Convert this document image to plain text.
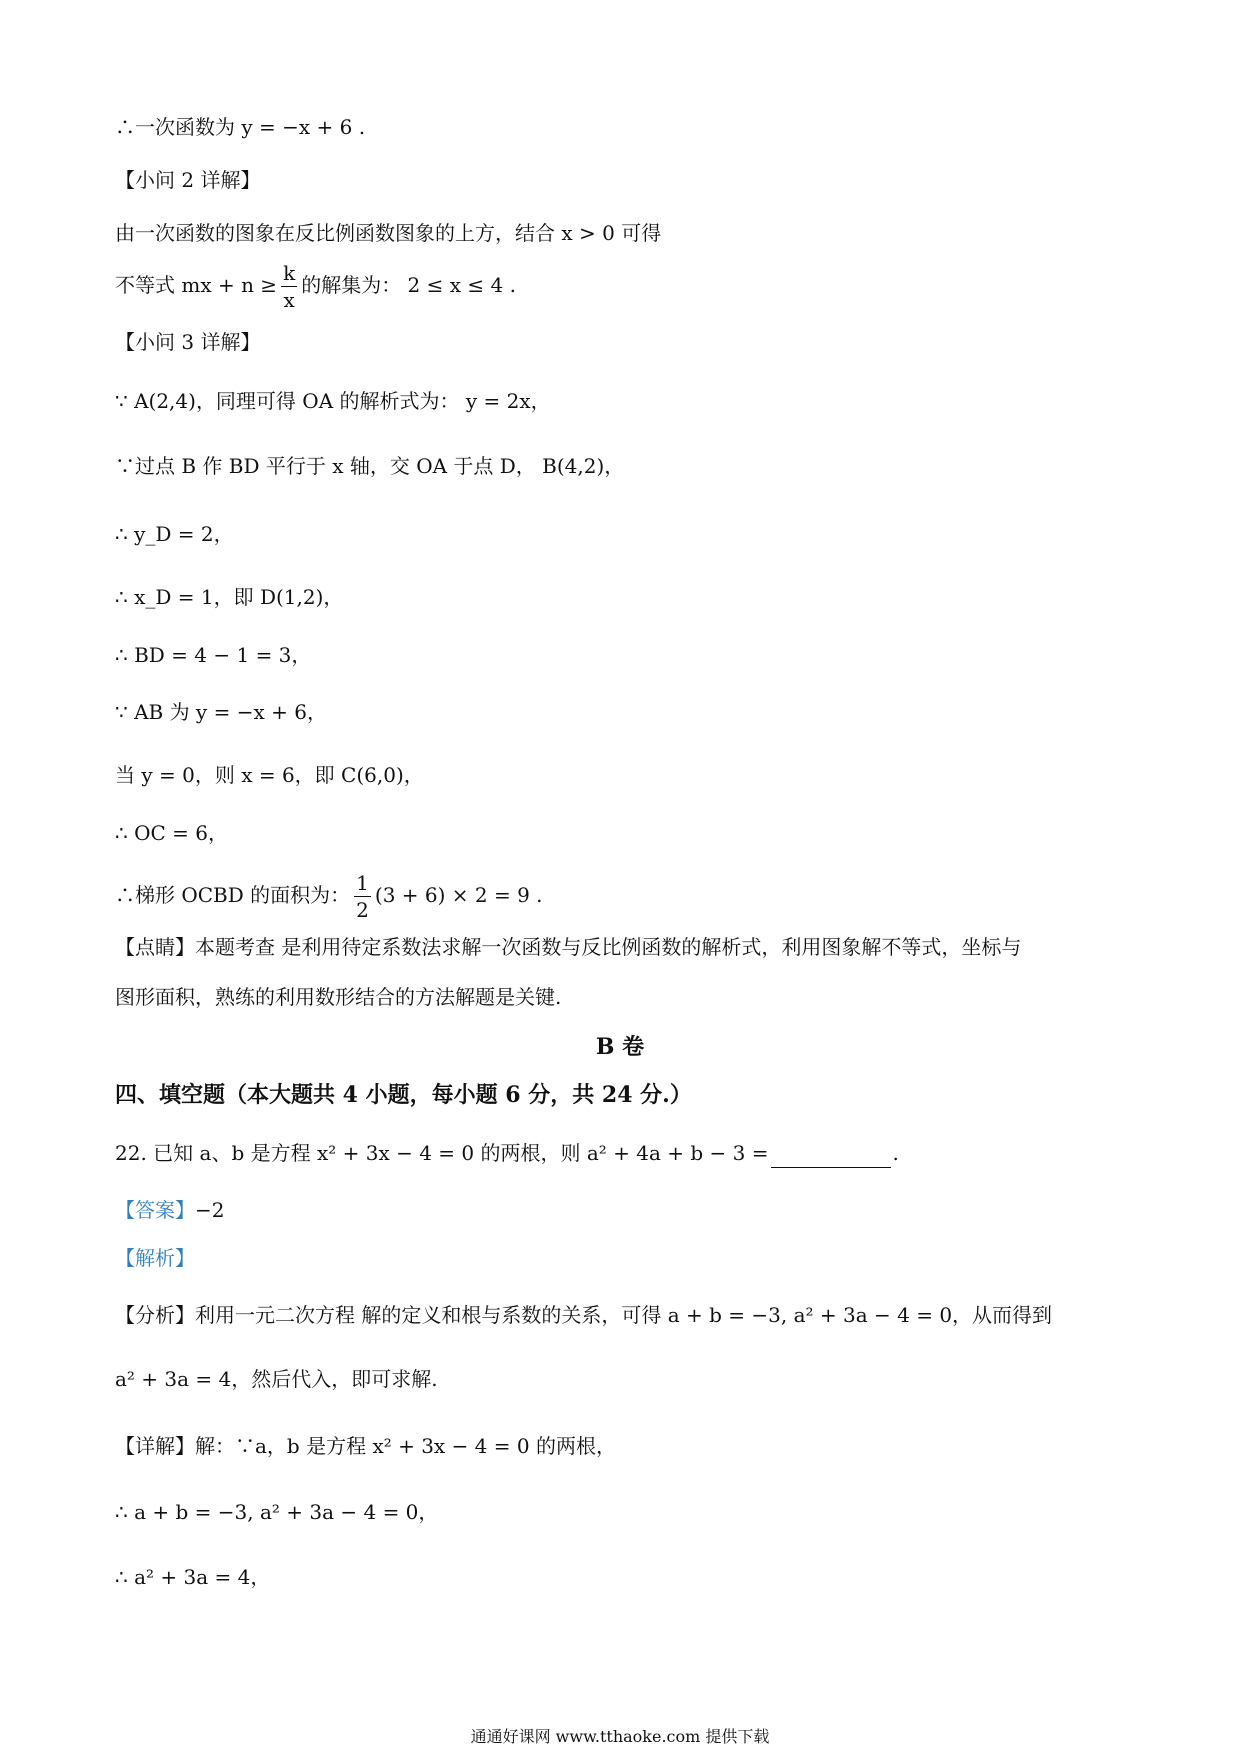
∴一次函数为 y = −x + 6 .
【小问 2 详解】
由一次函数的图象在反比例函数图象的上方，结合 x > 0 可得
不等式 mx + $n \ge \frac{k}{x}$ 的解集为： 2 ≤ x ≤ 4 .
【小问 3 详解】
∵ A(2,4)，同理可得 OA 的解析式为： y = 2x，
∵过点 B 作 BD 平行于 x 轴，交 OA 于点 D， B(4,2)，
∴ y_D = 2，
∴ x_D = 1，即 D(1,2)，
∴ BD = 4 − 1 = 3，
∵ AB 为 y = −x + 6，
当 y = 0，则 x = 6，即 C(6,0)，
∴ OC = 6，
∴梯形 OCBD 的面积为： $\frac{1}{2} (3 + 6) \times 2 = 9$ .
【点睛】本题考查 是利用待定系数法求解一次函数与反比例函数的解析式，利用图象解不等式，坐标与
图形面积，熟练的利用数形结合的方法解题是关键.
B 卷
四、填空题（本大题共 4 小题，每小题 6 分，共 24 分.）
22. 已知 a、b 是方程 x² + 3x − 4 = 0 的两根，则 a² + 4a + b − 3 =	.
【答案】−2
【解析】
【分析】利用一元二次方程 解的定义和根与系数的关系，可得 a + b = −3, a² + 3a − 4 = 0，从而得到
a² + 3a = 4，然后代入，即可求解.
【详解】解：∵a，b 是方程 x² + 3x − 4 = 0 的两根，
∴ a + b = −3, a² + 3a − 4 = 0，
∴ a² + 3a = 4，
通通好课网 www.tthaoke.com 提供下载
